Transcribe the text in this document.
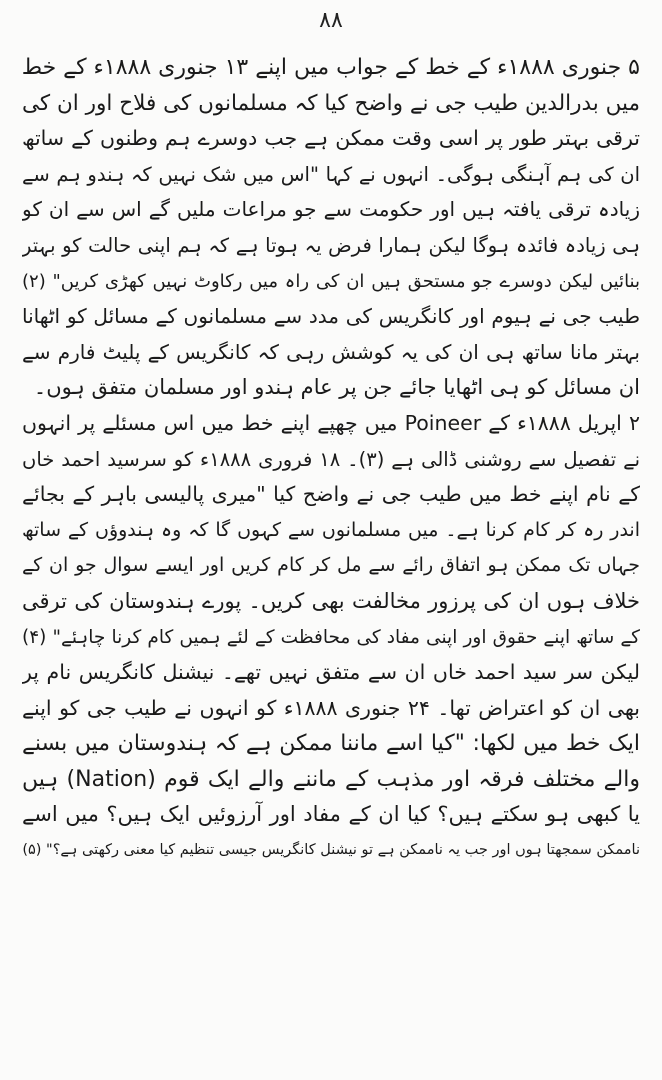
۸۸
۵ جنوری ۱۸۸۸ء کے خط کے جواب میں اپنے ۱۳ جنوری ۱۸۸۸ء کے خط
میں بدرالدین طیب جی نے واضح کیا کہ مسلمانوں کی فلاح اور ان کی
ترقی بہتر طور پر اسی وقت ممکن ہے جب دوسرے ہم وطنوں کے ساتھ
ان کی ہم آہنگی ہوگی۔ انہوں نے کہا "اس میں شک نہیں کہ ہندو ہم سے
زیادہ ترقی یافتہ ہیں اور حکومت سے جو مراعات ملیں گے اس سے ان کو
ہی زیادہ فائدہ ہوگا لیکن ہمارا فرض یہ ہوتا ہے کہ ہم اپنی حالت کو بہتر
بنائیں لیکن دوسرے جو مستحق ہیں ان کی راہ میں رکاوٹ نہیں کھڑی کریں" (۲)
طیب جی نے ہیوم اور کانگریس کی مدد سے مسلمانوں کے مسائل کو اٹھانا
بہتر مانا ساتھ ہی ان کی یہ کوشش رہی کہ کانگریس کے پلیٹ فارم سے
ان مسائل کو ہی اٹھایا جائے جن پر عام ہندو اور مسلمان متفق ہوں۔
۲ اپریل ۱۸۸۸ء کے Poineer میں چھپے اپنے خط میں اس مسئلے پر انہوں
نے تفصیل سے روشنی ڈالی ہے (۳)۔ ۱۸ فروری ۱۸۸۸ء کو سرسید احمد خاں
کے نام اپنے خط میں طیب جی نے واضح کیا "میری پالیسی باہر کے بجائے
اندر رہ کر کام کرنا ہے۔ میں مسلمانوں سے کہوں گا کہ وہ ہندوؤں کے ساتھ
جہاں تک ممکن ہو اتفاق رائے سے مل کر کام کریں اور ایسے سوال جو ان کے
خلاف ہوں ان کی پرزور مخالفت بھی کریں۔ پورے ہندوستان کی ترقی
کے ساتھ اپنے حقوق اور اپنی مفاد کی محافظت کے لئے ہمیں کام کرنا چاہئے" (۴)
لیکن سر سید احمد خاں ان سے متفق نہیں تھے۔ نیشنل کانگریس نام پر
بھی ان کو اعتراض تھا۔ ۲۴ جنوری ۱۸۸۸ء کو انہوں نے طیب جی کو اپنے
ایک خط میں لکھا: "کیا اسے ماننا ممکن ہے کہ ہندوستان میں بسنے
والے مختلف فرقہ اور مذہب کے ماننے والے ایک قوم (Nation) ہیں
یا کبھی ہو سکتے ہیں؟ کیا ان کے مفاد اور آرزوئیں ایک ہیں؟ میں اسے
ناممکن سمجھتا ہوں اور جب یہ ناممکن ہے تو نیشنل کانگریس جیسی تنظیم کیا معنی رکھتی ہے؟" (۵)
